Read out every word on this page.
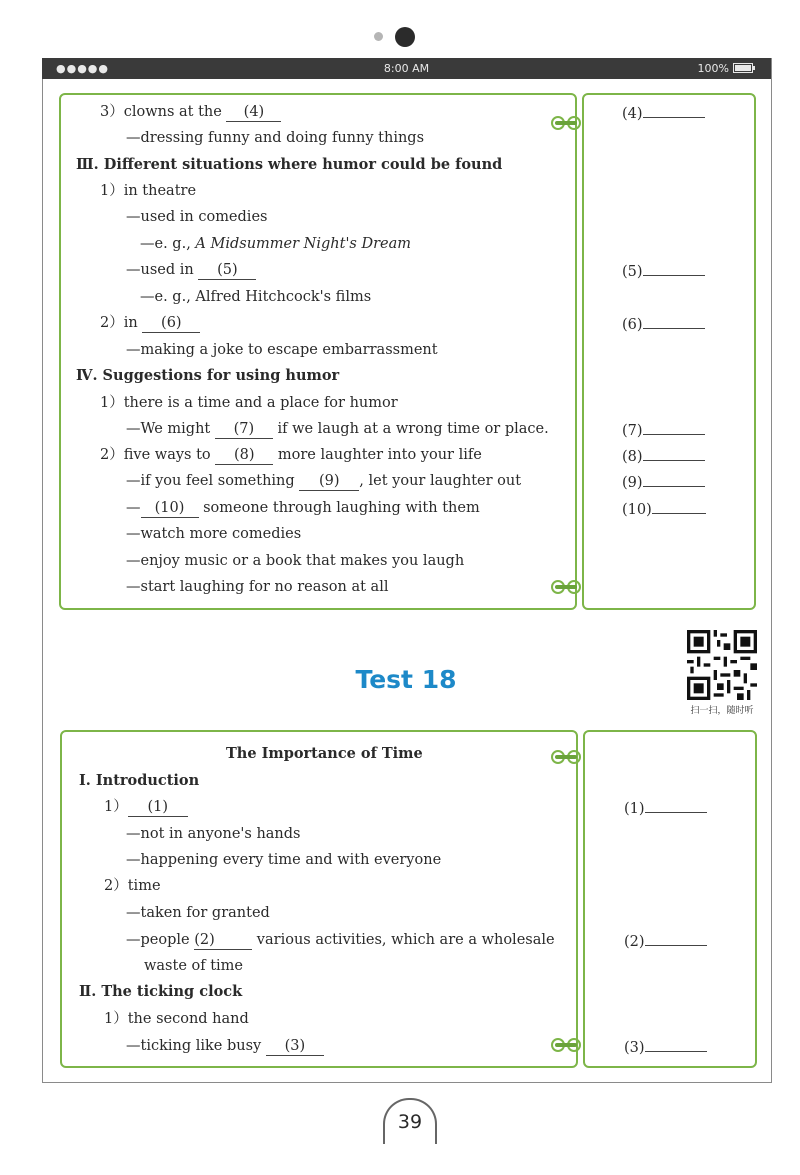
●●●●●	8:00 AM	100%
3）clowns at the (4)
—dressing funny and doing funny things
Ⅲ. Different situations where humor could be found
1）in theatre
—used in comedies
—e. g., A Midsummer Night's Dream
—used in (5)
—e. g., Alfred Hitchcock's films
2）in (6)
—making a joke to escape embarrassment
Ⅳ. Suggestions for using humor
1）there is a time and a place for humor
—We might (7) if we laugh at a wrong time or place.
2）five ways to (8) more laughter into your life
—if you feel something (9) , let your laughter out
— (10) someone through laughing with them
—watch more comedies
—enjoy music or a book that makes you laugh
—start laughing for no reason at all
(4)
(5)
(6)
(7)
(8)
(9)
(10)
Test 18
扫一扫，随时听
The Importance of Time
Ⅰ. Introduction
1） (1)
—not in anyone's hands
—happening every time and with everyone
2）time
—taken for granted
—people (2)	various activities, which are a wholesale
waste of time
Ⅱ. The ticking clock
1）the second hand
—ticking like busy (3)
(1)
(2)
(3)
39
